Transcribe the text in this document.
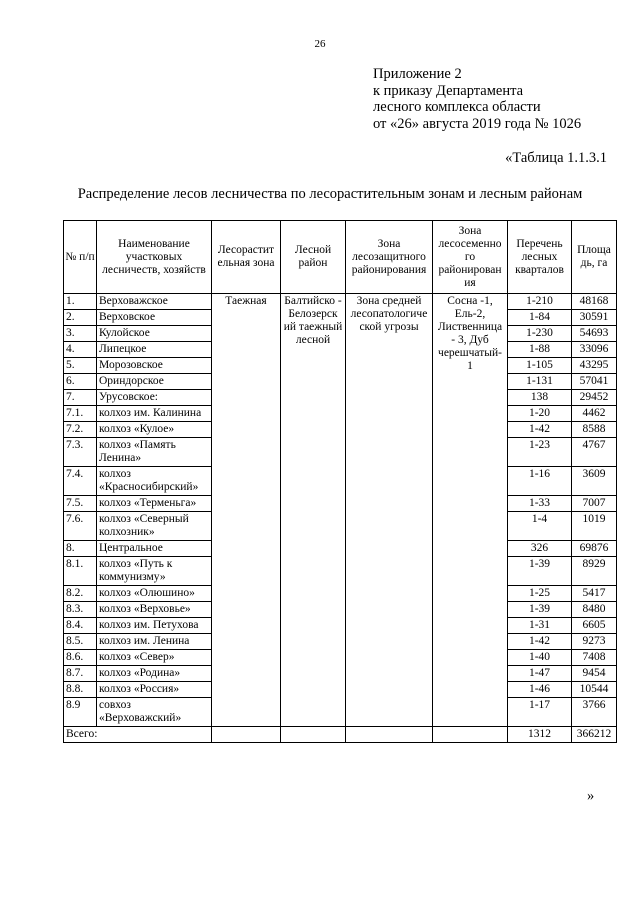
26
Приложение 2
к приказу Департамента
лесного комплекса области
от «26» августа 2019 года № 1026
«Таблица 1.1.3.1
Распределение лесов лесничества по лесорастительным зонам и лесным районам
№ п/п	Наименование участковых лесничеств, хозяйств	Лесорастит ельная зона	Лесной район	Зона лесозащитного районирования	Зона лесосеменно го районирован ия	Перечень лесных кварталов	Площа дь, га
1.	Верховажское	Таежная	Балтийско - Белозерск ий таежный лесной	Зона средней лесопатологиче ской угрозы	Сосна -1, Ель-2, Лиственница - 3, Дуб черешчатый- 1	1-210	48168
2.	Верховское					1-84	30591
3.	Кулойское					1-230	54693
4.	Липецкое					1-88	33096
5.	Морозовское					1-105	43295
6.	Ориндорское					1-131	57041
7.	Урусовское:					138	29452
7.1.	колхоз им. Калинина					1-20	4462
7.2.	колхоз «Кулое»					1-42	8588
7.3.	колхоз «Память Ленина»					1-23	4767
7.4.	колхоз «Красносибирский»					1-16	3609
7.5.	колхоз «Терменьга»					1-33	7007
7.6.	колхоз «Северный колхозник»					1-4	1019
8.	Центральное					326	69876
8.1.	колхоз «Путь к коммунизму»					1-39	8929
8.2.	колхоз «Олюшино»					1-25	5417
8.3.	колхоз «Верховье»					1-39	8480
8.4.	колхоз им. Петухова					1-31	6605
8.5.	колхоз им. Ленина					1-42	9273
8.6.	колхоз «Север»					1-40	7408
8.7.	колхоз «Родина»					1-47	9454
8.8.	колхоз «Россия»					1-46	10544
8.9	совхоз «Верховажский»					1-17	3766
Всего:						1312	366212
»
